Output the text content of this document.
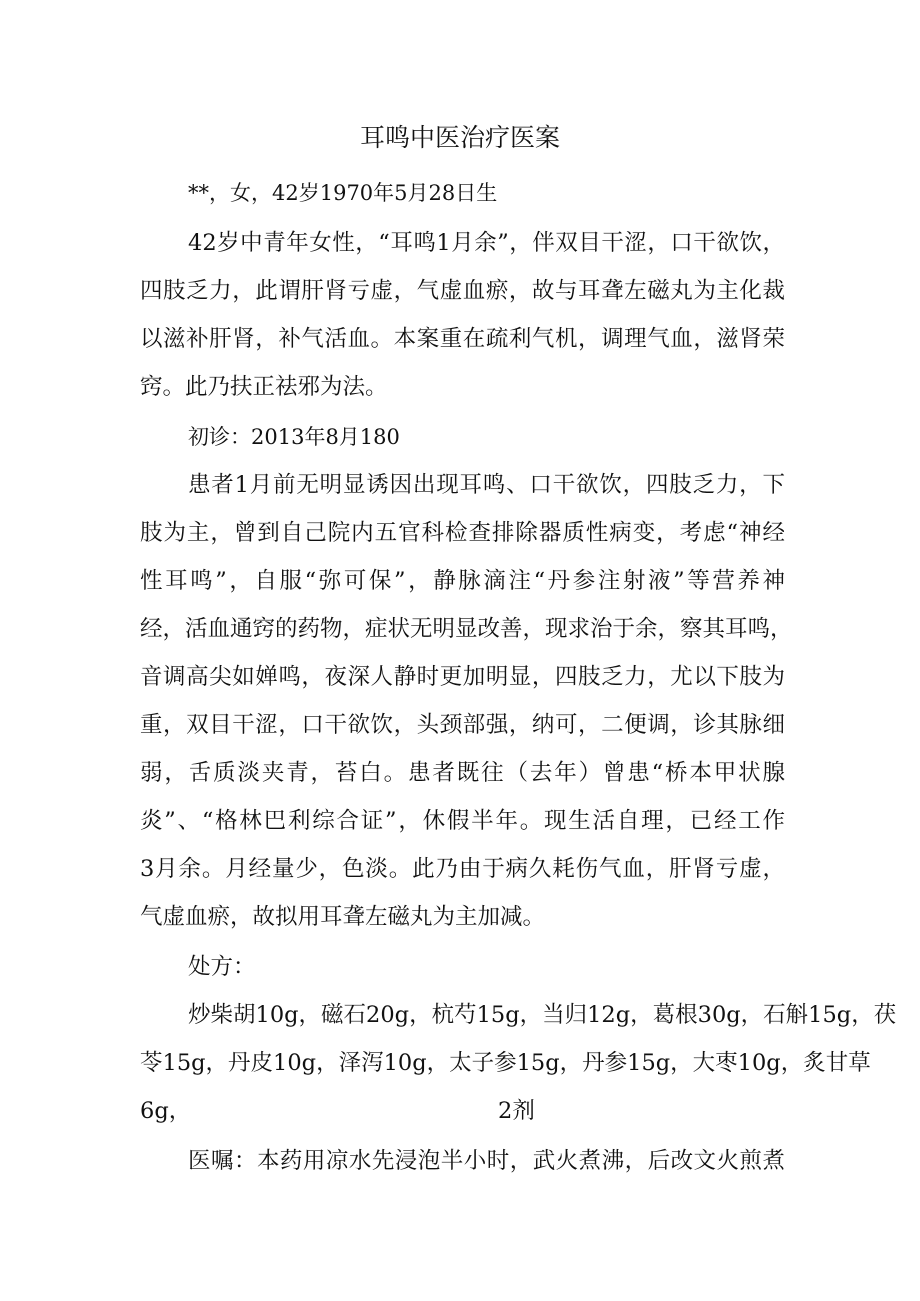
耳鸣中医治疗医案
**，女，42岁1970年5月28日生
42岁中青年女性，“耳鸣1月余”，伴双目干涩，口干欲饮，
四肢乏力，此谓肝肾亏虚，气虚血瘀，故与耳聋左磁丸为主化裁
以滋补肝肾，补气活血。本案重在疏利气机，调理气血，滋肾荣
窍。此乃扶正祛邪为法。
初诊：2013年8月180
患者1月前无明显诱因出现耳鸣、口干欲饮，四肢乏力，下
肢为主，曾到自己院内五官科检查排除器质性病变，考虑“神经
性耳鸣”，自服“弥可保”，静脉滴注“丹参注射液”等营养神
经，活血通窍的药物，症状无明显改善，现求治于余，察其耳鸣，
音调高尖如婵鸣，夜深人静时更加明显，四肢乏力，尤以下肢为
重，双目干涩，口干欲饮，头颈部强，纳可，二便调，诊其脉细
弱，舌质淡夹青，苔白。患者既往（去年）曾患“桥本甲状腺
炎”、“格林巴利综合证”，休假半年。现生活自理，已经工作
3月余。月经量少，色淡。此乃由于病久耗伤气血，肝肾亏虚，
气虚血瘀，故拟用耳聋左磁丸为主加减。
处方：
炒柴胡10g，磁石20g，杭芍15g，当归12g，葛根30g，石斛15g，茯
苓15g，丹皮10g，泽泻10g，太子参15g，丹参15g，大枣10g，炙甘草
6g，	2剂
医嘱：本药用凉水先浸泡半小时，武火煮沸，后改文火煎煮
